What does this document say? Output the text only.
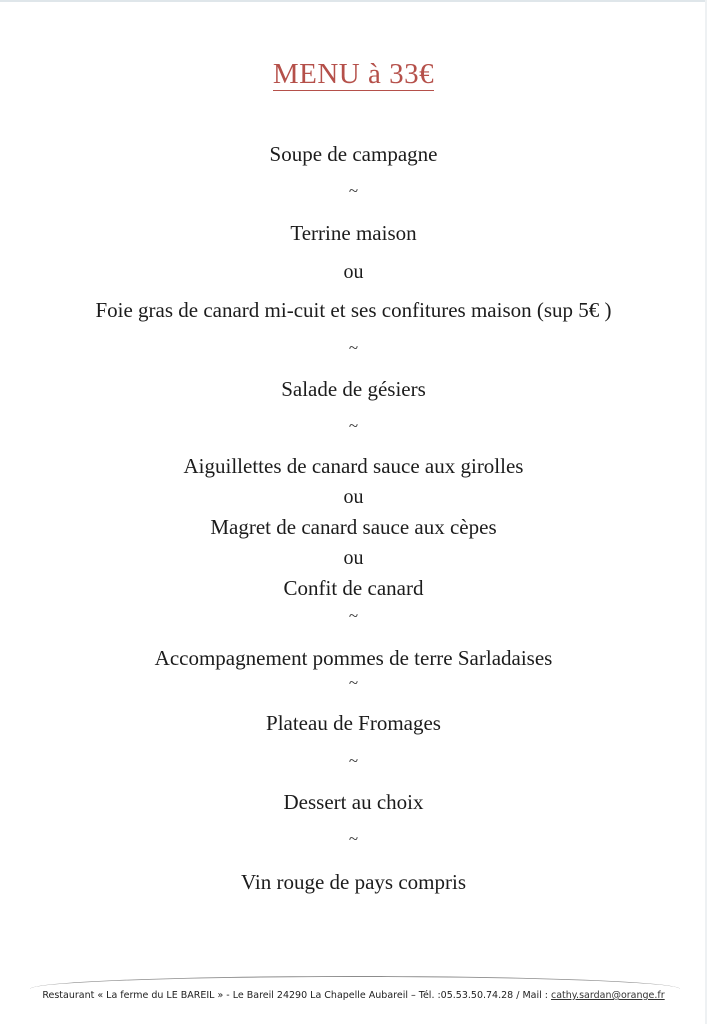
MENU à 33€
Soupe de campagne
~
Terrine maison
ou
Foie gras de canard mi-cuit et ses confitures maison (sup 5€ )
~
Salade de gésiers
~
Aiguillettes de canard sauce aux girolles
ou
Magret de canard sauce aux cèpes
ou
Confit de canard
~
Accompagnement pommes de terre Sarladaises
~
Plateau de Fromages
~
Dessert au choix
~
Vin rouge de pays compris
Restaurant « La ferme du LE BAREIL » - Le Bareil 24290 La Chapelle Aubareil – Tél. :05.53.50.74.28 / Mail : cathy.sardan@orange.fr
